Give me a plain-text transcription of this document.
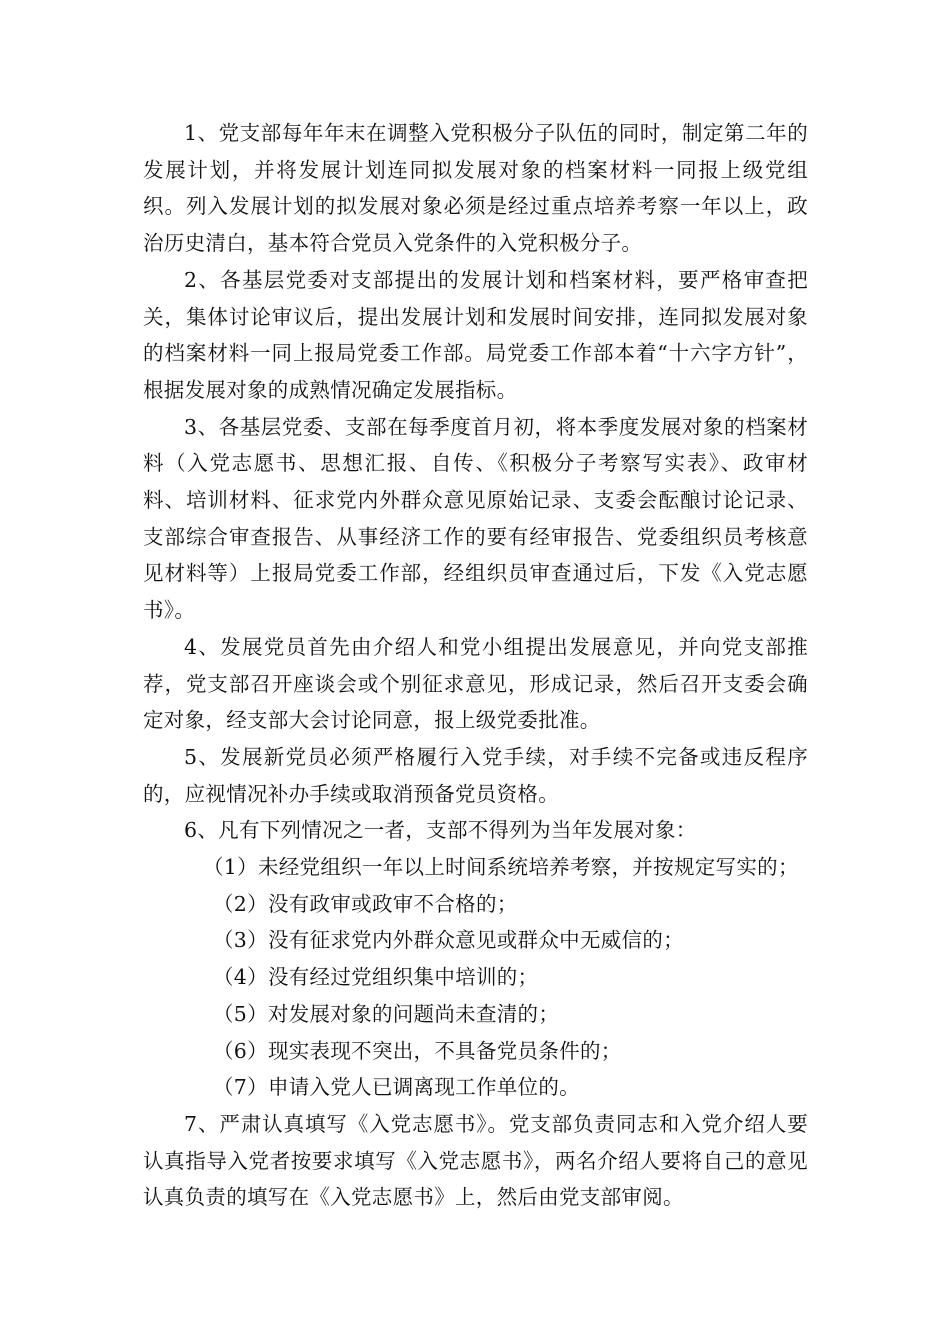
1、党支部每年年末在调整入党积极分子队伍的同时，制定第二年的发展计划，并将发展计划连同拟发展对象的档案材料一同报上级党组织。列入发展计划的拟发展对象必须是经过重点培养考察一年以上，政治历史清白，基本符合党员入党条件的入党积极分子。

2、各基层党委对支部提出的发展计划和档案材料，要严格审查把关，集体讨论审议后，提出发展计划和发展时间安排，连同拟发展对象的档案材料一同上报局党委工作部。局党委工作部本着“十六字方针”，根据发展对象的成熟情况确定发展指标。

3、各基层党委、支部在每季度首月初，将本季度发展对象的档案材料（入党志愿书、思想汇报、自传、《积极分子考察写实表》、政审材料、培训材料、征求党内外群众意见原始记录、支委会酝酿讨论记录、支部综合审查报告、从事经济工作的要有经审报告、党委组织员考核意见材料等）上报局党委工作部，经组织员审查通过后，下发《入党志愿书》。

4、发展党员首先由介绍人和党小组提出发展意见，并向党支部推荐，党支部召开座谈会或个别征求意见，形成记录，然后召开支委会确定对象，经支部大会讨论同意，报上级党委批准。

5、发展新党员必须严格履行入党手续，对手续不完备或违反程序的，应视情况补办手续或取消预备党员资格。

6、凡有下列情况之一者，支部不得列为当年发展对象：

（1）未经党组织一年以上时间系统培养考察，并按规定写实的；
（2）没有政审或政审不合格的；
（3）没有征求党内外群众意见或群众中无威信的；
（4）没有经过党组织集中培训的；
（5）对发展对象的问题尚未查清的；
（6）现实表现不突出，不具备党员条件的；
（7）申请入党人已调离现工作单位的。

7、严肃认真填写《入党志愿书》。党支部负责同志和入党介绍人要认真指导入党者按要求填写《入党志愿书》，两名介绍人要将自己的意见认真负责的填写在《入党志愿书》上，然后由党支部审阅。
